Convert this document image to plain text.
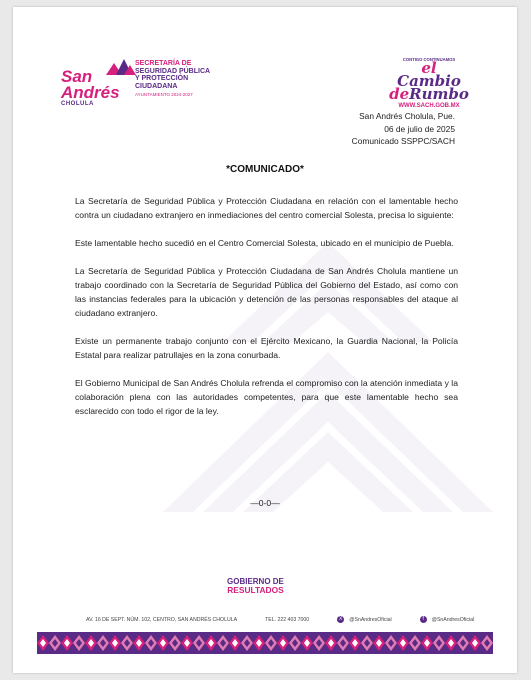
San
Andrés
CHOLULA
SECRETARÍA DE
SEGURIDAD PÚBLICA
Y PROTECCIÓN
CIUDADANA
AYUNTAMIENTO 2024-2027
CONTIGO CONTINUAMOS
el Cambio
deRumbo
WWW.SACH.GOB.MX
San Andrés Cholula, Pue.
06 de julio de 2025
Comunicado SSPPC/SACH
*COMUNICADO*

La Secretaría de Seguridad Pública y Protección Ciudadana en relación con el lamentable hecho contra un ciudadano extranjero en inmediaciones del centro comercial Solesta, precisa lo siguiente:

Este lamentable hecho sucedió en el Centro Comercial Solesta, ubicado en el municipio de Puebla.

La Secretaría de Seguridad Pública y Protección Ciudadana de San Andrés Cholula mantiene un trabajo coordinado con la Secretaría de Seguridad Pública del Gobierno del Estado, así como con las instancias federales para la ubicación y detención de las personas responsables del ataque al ciudadano extranjero.

Existe un permanente trabajo conjunto con el Ejército Mexicano, la Guardia Nacional, la Policía Estatal para realizar patrullajes en la zona conurbada.

El Gobierno Municipal de San Andrés Cholula refrenda el compromiso con la atención inmediata y la colaboración plena con las autoridades competentes, para que este lamentable hecho sea esclarecido con todo el rigor de la ley.

—0-0—
GOBIERNO DE
RESULTADOS
AV. 16 DE SEPT. NÚM. 102, CENTRO, SAN ANDRÉS CHOLULA	TEL. 222 403 7000	X	@SnAndresOficial	f	@SnAndresOficial
